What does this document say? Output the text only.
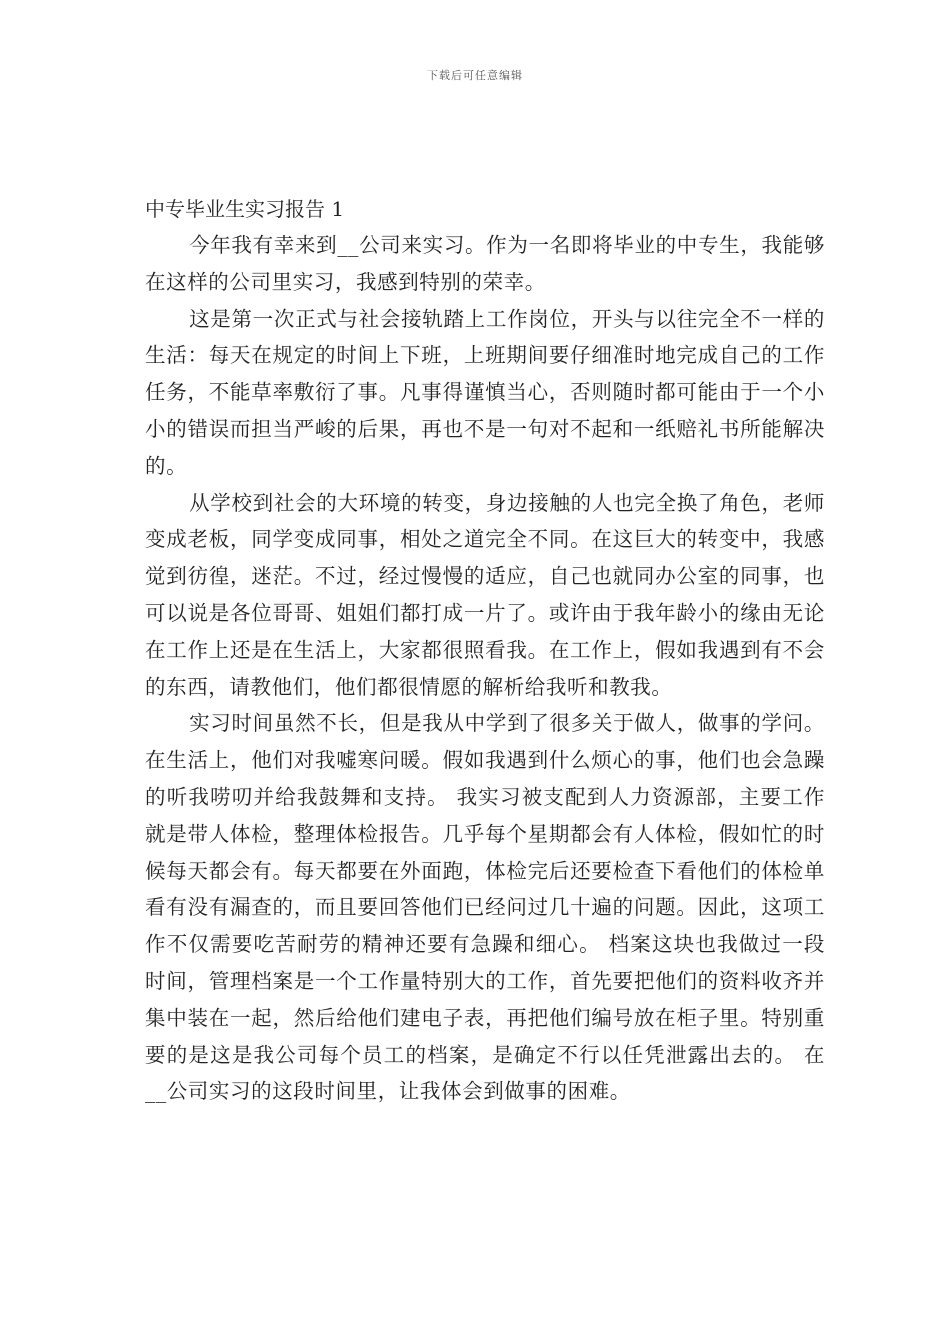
下载后可任意编辑
中专毕业生实习报告 1

今年我有幸来到__公司来实习。作为一名即将毕业的中专生，我能够在这样的公司里实习，我感到特别的荣幸。

这是第一次正式与社会接轨踏上工作岗位，开头与以往完全不一样的生活：每天在规定的时间上下班，上班期间要仔细准时地完成自己的工作任务，不能草率敷衍了事。凡事得谨慎当心，否则随时都可能由于一个小小的错误而担当严峻的后果，再也不是一句对不起和一纸赔礼书所能解决的。

从学校到社会的大环境的转变，身边接触的人也完全换了角色，老师变成老板，同学变成同事，相处之道完全不同。在这巨大的转变中，我感觉到彷徨，迷茫。不过，经过慢慢的适应，自己也就同办公室的同事，也可以说是各位哥哥、姐姐们都打成一片了。或许由于我年龄小的缘由无论在工作上还是在生活上，大家都很照看我。在工作上，假如我遇到有不会的东西，请教他们，他们都很情愿的解析给我听和教我。

实习时间虽然不长，但是我从中学到了很多关于做人，做事的学问。在生活上，他们对我嘘寒问暖。假如我遇到什么烦心的事，他们也会急躁的听我唠叨并给我鼓舞和支持。 我实习被支配到人力资源部，主要工作就是带人体检，整理体检报告。几乎每个星期都会有人体检，假如忙的时候每天都会有。每天都要在外面跑，体检完后还要检查下看他们的体检单看有没有漏查的，而且要回答他们已经问过几十遍的问题。因此，这项工作不仅需要吃苦耐劳的精神还要有急躁和细心。 档案这块也我做过一段时间，管理档案是一个工作量特别大的工作，首先要把他们的资料收齐并集中装在一起，然后给他们建电子表，再把他们编号放在柜子里。特别重要的是这是我公司每个员工的档案，是确定不行以任凭泄露出去的。 在__公司实习的这段时间里，让我体会到做事的困难。
